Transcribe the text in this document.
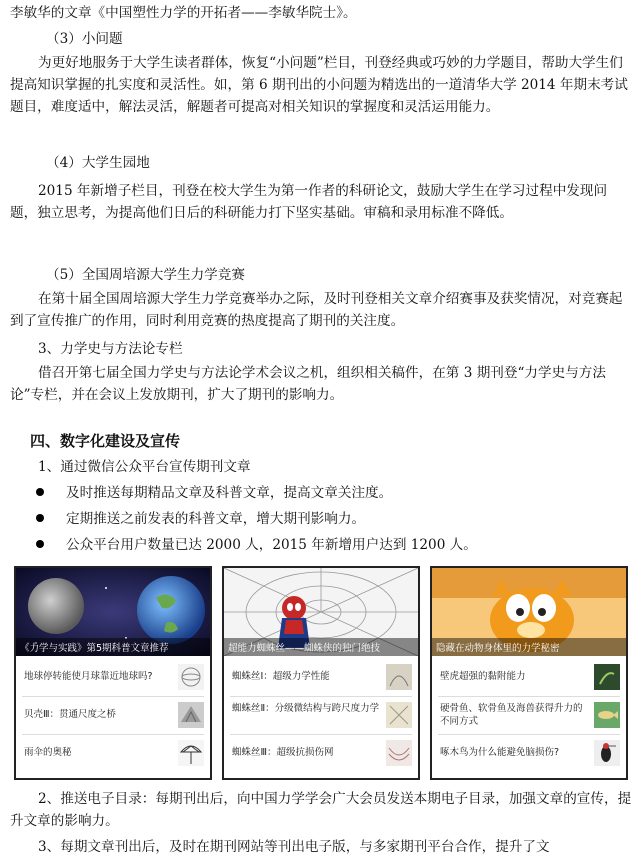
李敏华的文章《中国塑性力学的开拓者——李敏华院士》。

（3）小问题

为更好地服务于大学生读者群体，恢复“小问题”栏目，刊登经典或巧妙的力学题目，帮助大学生们提高知识掌握的扎实度和灵活性。如，第 6 期刊出的小问题为精选出的一道清华大学 2014 年期末考试题目，难度适中，解法灵活，解题者可提高对相关知识的掌握度和灵活运用能力。

（4）大学生园地

2015 年新增子栏目，刊登在校大学生为第一作者的科研论文，鼓励大学生在学习过程中发现问题，独立思考，为提高他们日后的科研能力打下坚实基础。审稿和录用标准不降低。

（5）全国周培源大学生力学竞赛

在第十届全国周培源大学生力学竞赛举办之际，及时刊登相关文章介绍赛事及获奖情况，对竞赛起到了宣传推广的作用，同时利用竞赛的热度提高了期刊的关注度。

3、力学史与方法论专栏

借召开第七届全国力学史与方法论学术会议之机，组织相关稿件，在第 3 期刊登“力学史与方法论”专栏，并在会议上发放期刊，扩大了期刊的影响力。

四、数字化建设及宣传
1、通过微信公众平台宣传期刊文章
及时推送每期精品文章及科普文章，提高文章关注度。
定期推送之前发表的科普文章，增大期刊影响力。
公众平台用户数量已达 2000 人，2015 年新增用户达到 1200 人。
《力学与实践》第5期科普文章推荐
地球停转能使月球靠近地球吗?
贝壳Ⅲ：贯通尺度之桥
雨伞的奥秘
超能力蜘蛛丝——蜘蛛侠的独门绝技
蜘蛛丝Ⅰ：超级力学性能
蜘蛛丝Ⅱ：分级微结构与跨尺度力学
蜘蛛丝Ⅲ：超级抗损伤网
隐藏在动物身体里的力学秘密
壁虎超强的黏附能力
硬骨鱼、软骨鱼及海兽获得升力的不同方式
啄木鸟为什么能避免脑损伤?

2、推送电子目录：每期刊出后，向中国力学学会广大会员发送本期电子目录，加强文章的宣传，提升文章的影响力。

3、每期文章刊出后，及时在期刊网站等刊出电子版，与多家期刊平台合作，提升了文
